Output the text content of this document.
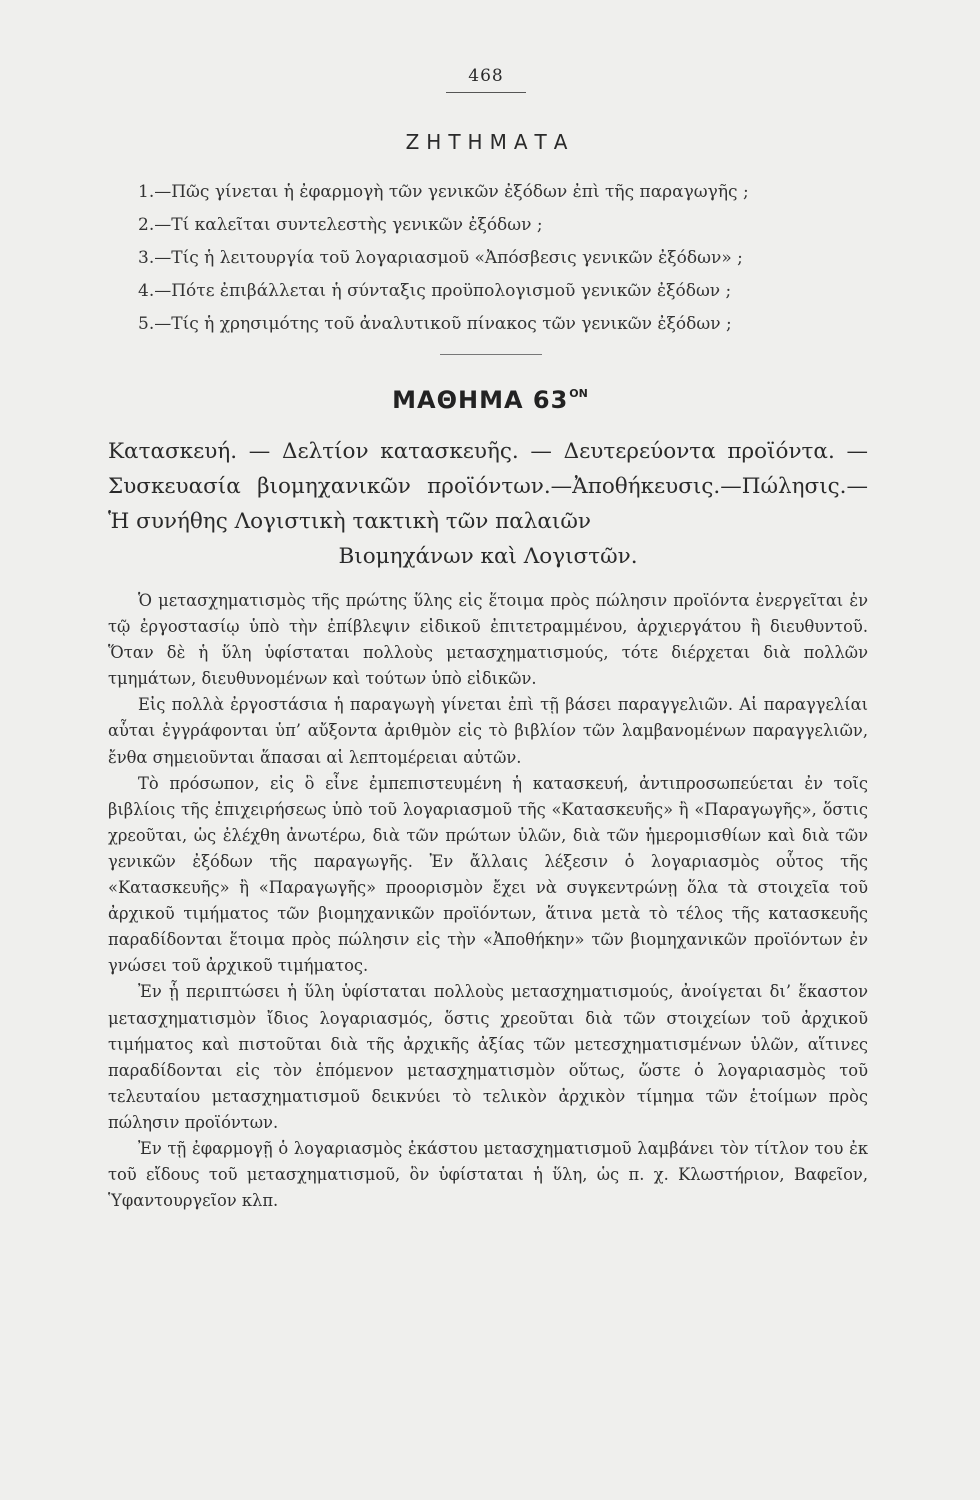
468
ΖΗΤΗΜΑΤΑ
1.—Πῶς γίνεται ἡ ἐφαρμογὴ τῶν γενικῶν ἐξόδων ἐπὶ τῆς παραγωγῆς ;
2.—Τί καλεῖται συντελεστὴς γενικῶν ἐξόδων ;
3.—Τίς ἡ λειτουργία τοῦ λογαριασμοῦ «Ἀπόσβεσις γενικῶν ἐξόδων» ;
4.—Πότε ἐπιβάλλεται ἡ σύνταξις προϋπολογισμοῦ γενικῶν ἐξόδων ;
5.—Τίς ἡ χρησιμότης τοῦ ἀναλυτικοῦ πίνακος τῶν γενικῶν ἐξόδων ;
ΜΑΘΗΜΑ $63^{ON}$
Κατασκευή. — Δελτίον κατασκευῆς. — Δευτερεύοντα προϊόντα. — Συσκευασία βιομηχανικῶν προϊόντων.—Ἀποθήκευσις.—Πώλησις.—Ἡ συνήθης Λογιστικὴ τακτικὴ τῶν παλαιῶν
Βιομηχάνων καὶ Λογιστῶν.

Ὁ μετασχηματισμὸς τῆς πρώτης ὕλης εἰς ἕτοιμα πρὸς πώλησιν προϊόντα ἐνεργεῖται ἐν τῷ ἐργοστασίῳ ὑπὸ τὴν ἐπίβλεψιν εἰδικοῦ ἐπιτετραμμένου, ἀρχιεργάτου ἢ διευθυντοῦ. Ὅταν δὲ ἡ ὕλη ὑφίσταται πολλοὺς μετασχηματισμούς, τότε διέρχεται διὰ πολλῶν τμημάτων, διευθυνομένων καὶ τούτων ὑπὸ εἰδικῶν.

Εἰς πολλὰ ἐργοστάσια ἡ παραγωγὴ γίνεται ἐπὶ τῇ βάσει παραγγελιῶν. Αἱ παραγγελίαι αὗται ἐγγράφονται ὑπ’ αὔξοντα ἀριθμὸν εἰς τὸ βιβλίον τῶν λαμβανομένων παραγγελιῶν, ἔνθα σημειοῦνται ἅπασαι αἱ λεπτομέρειαι αὐτῶν.

Τὸ πρόσωπον, εἰς ὃ εἶνε ἐμπεπιστευμένη ἡ κατασκευή, ἀντιπροσωπεύεται ἐν τοῖς βιβλίοις τῆς ἐπιχειρήσεως ὑπὸ τοῦ λογαριασμοῦ τῆς «Κατασκευῆς» ἢ «Παραγωγῆς», ὅστις χρεοῦται, ὡς ἐλέχθη ἀνωτέρω, διὰ τῶν πρώτων ὑλῶν, διὰ τῶν ἡμερομισθίων καὶ διὰ τῶν γενικῶν ἐξόδων τῆς παραγωγῆς. Ἐν ἄλλαις λέξεσιν ὁ λογαριασμὸς οὗτος τῆς «Κατασκευῆς» ἢ «Παραγωγῆς» προορισμὸν ἔχει νὰ συγκεντρώνῃ ὅλα τὰ στοιχεῖα τοῦ ἀρχικοῦ τιμήματος τῶν βιομηχανικῶν προϊόντων, ἅτινα μετὰ τὸ τέλος τῆς κατασκευῆς παραδίδονται ἕτοιμα πρὸς πώλησιν εἰς τὴν «Ἀποθήκην» τῶν βιομηχανικῶν προϊόντων ἐν γνώσει τοῦ ἀρχικοῦ τιμήματος.

Ἐν ᾗ περιπτώσει ἡ ὕλη ὑφίσταται πολλοὺς μετασχηματισμούς, ἀνοίγεται δι’ ἕκαστον μετασχηματισμὸν ἴδιος λογαριασμός, ὅστις χρεοῦται διὰ τῶν στοιχείων τοῦ ἀρχικοῦ τιμήματος καὶ πιστοῦται διὰ τῆς ἀρχικῆς ἀξίας τῶν μετεσχηματισμένων ὑλῶν, αἵτινες παραδίδονται εἰς τὸν ἑπόμενον μετασχηματισμὸν οὕτως, ὥστε ὁ λογαριασμὸς τοῦ τελευταίου μετασχηματισμοῦ δεικνύει τὸ τελικὸν ἀρχικὸν τίμημα τῶν ἑτοίμων πρὸς πώλησιν προϊόντων.

Ἐν τῇ ἐφαρμογῇ ὁ λογαριασμὸς ἑκάστου μετασχηματισμοῦ λαμβάνει τὸν τίτλον του ἐκ τοῦ εἴδους τοῦ μετασχηματισμοῦ, ὃν ὑφίσταται ἡ ὕλη, ὡς π. χ. Κλωστήριον, Βαφεῖον, Ὑφαντουργεῖον κλπ.
